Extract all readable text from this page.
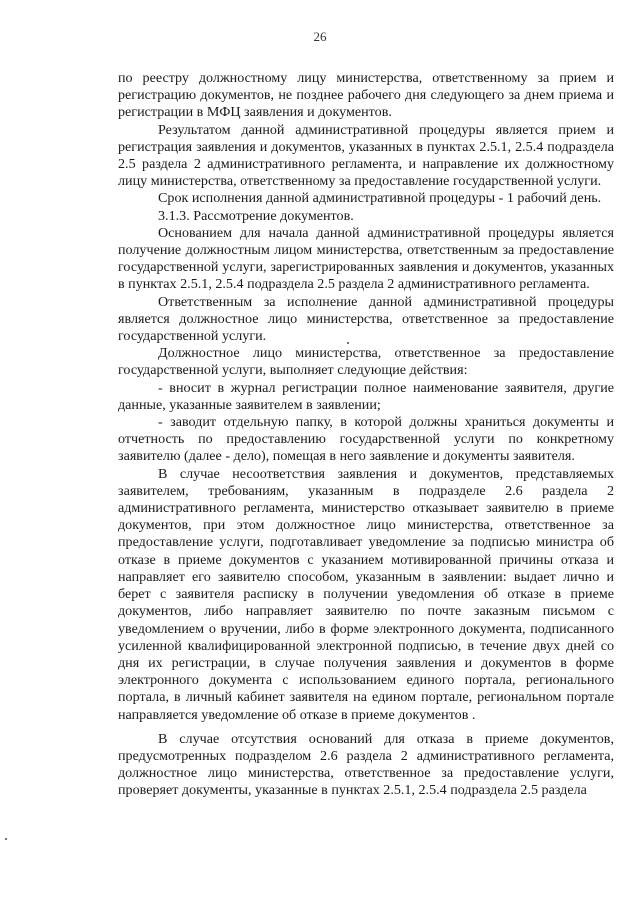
26

по реестру должностному лицу министерства, ответственному за прием и регистрацию документов, не позднее рабочего дня следующего за днем приема и регистрации в МФЦ заявления и документов.

Результатом данной административной процедуры является прием и регистрация заявления и документов, указанных в пунктах 2.5.1, 2.5.4 подраздела 2.5 раздела 2 административного регламента, и направление их должностному лицу министерства, ответственному за предоставление государственной услуги.

Срок исполнения данной административной процедуры - 1 рабочий день.

3.1.3. Рассмотрение документов.

Основанием для начала данной административной процедуры является получение должностным лицом министерства, ответственным за предоставление государственной услуги, зарегистрированных заявления и документов, указанных в пунктах 2.5.1, 2.5.4 подраздела 2.5 раздела 2 административного регламента.

Ответственным за исполнение данной административной процедуры является должностное лицо министерства, ответственное за предоставление государственной услуги.

Должностное лицо министерства, ответственное за предоставление государственной услуги, выполняет следующие действия:

- вносит в журнал регистрации полное наименование заявителя, другие данные, указанные заявителем в заявлении;

- заводит отдельную папку, в которой должны храниться документы и отчетность по предоставлению государственной услуги по конкретному заявителю (далее - дело), помещая в него заявление и документы заявителя.

В случае несоответствия заявления и документов, представляемых заявителем, требованиям, указанным в подразделе 2.6 раздела 2 административного регламента, министерство отказывает заявителю в приеме документов, при этом должностное лицо министерства, ответственное за предоставление услуги, подготавливает уведомление за подписью министра об отказе в приеме документов с указанием мотивированной причины отказа и направляет его заявителю способом, указанным в заявлении: выдает лично и берет с заявителя расписку в получении уведомления об отказе в приеме документов, либо направляет заявителю по почте заказным письмом с уведомлением о вручении, либо в форме электронного документа, подписанного усиленной квалифицированной электронной подписью, в течение двух дней со дня их регистрации, в случае получения заявления и документов в форме электронного документа с использованием единого портала, регионального портала, в личный кабинет заявителя на едином портале, региональном портале направляется уведомление об отказе в приеме документов .

В случае отсутствия оснований для отказа в приеме документов, предусмотренных подразделом 2.6 раздела 2 административного регламента, должностное лицо министерства, ответственное за предоставление услуги, проверяет документы, указанные в пунктах 2.5.1, 2.5.4 подраздела 2.5 раздела
